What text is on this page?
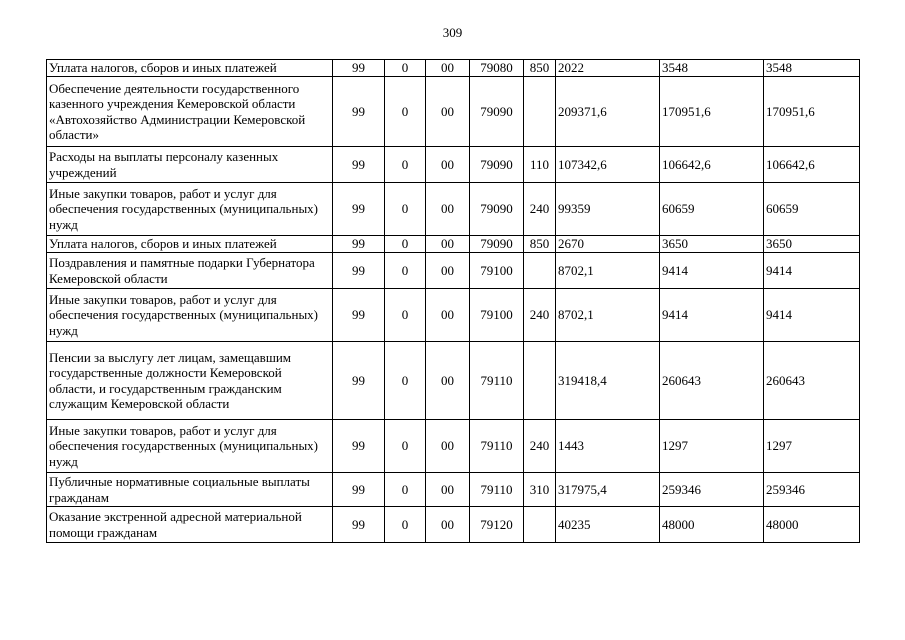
309
Уплата налогов, сборов и иных платежей	99	0	00	79080	850	2022	3548	3548
Обеспечение деятельности государственного казенного учреждения Кемеровской области «Автохозяйство Администрации Кемеровской области»	99	0	00	79090		209371,6	170951,6	170951,6
Расходы на выплаты персоналу казенных учреждений	99	0	00	79090	110	107342,6	106642,6	106642,6
Иные закупки товаров, работ и услуг для обеспечения государственных (муниципальных) нужд	99	0	00	79090	240	99359	60659	60659
Уплата налогов, сборов и иных платежей	99	0	00	79090	850	2670	3650	3650
Поздравления и памятные подарки Губернатора Кемеровской области	99	0	00	79100		8702,1	9414	9414
Иные закупки товаров, работ и услуг для обеспечения государственных (муниципальных) нужд	99	0	00	79100	240	8702,1	9414	9414
Пенсии за выслугу лет лицам, замещавшим государственные должности Кемеровской области, и государственным гражданским служащим Кемеровской области	99	0	00	79110		319418,4	260643	260643
Иные закупки товаров, работ и услуг для обеспечения государственных (муниципальных) нужд	99	0	00	79110	240	1443	1297	1297
Публичные нормативные социальные выплаты гражданам	99	0	00	79110	310	317975,4	259346	259346
Оказание экстренной адресной материальной помощи гражданам	99	0	00	79120		40235	48000	48000
